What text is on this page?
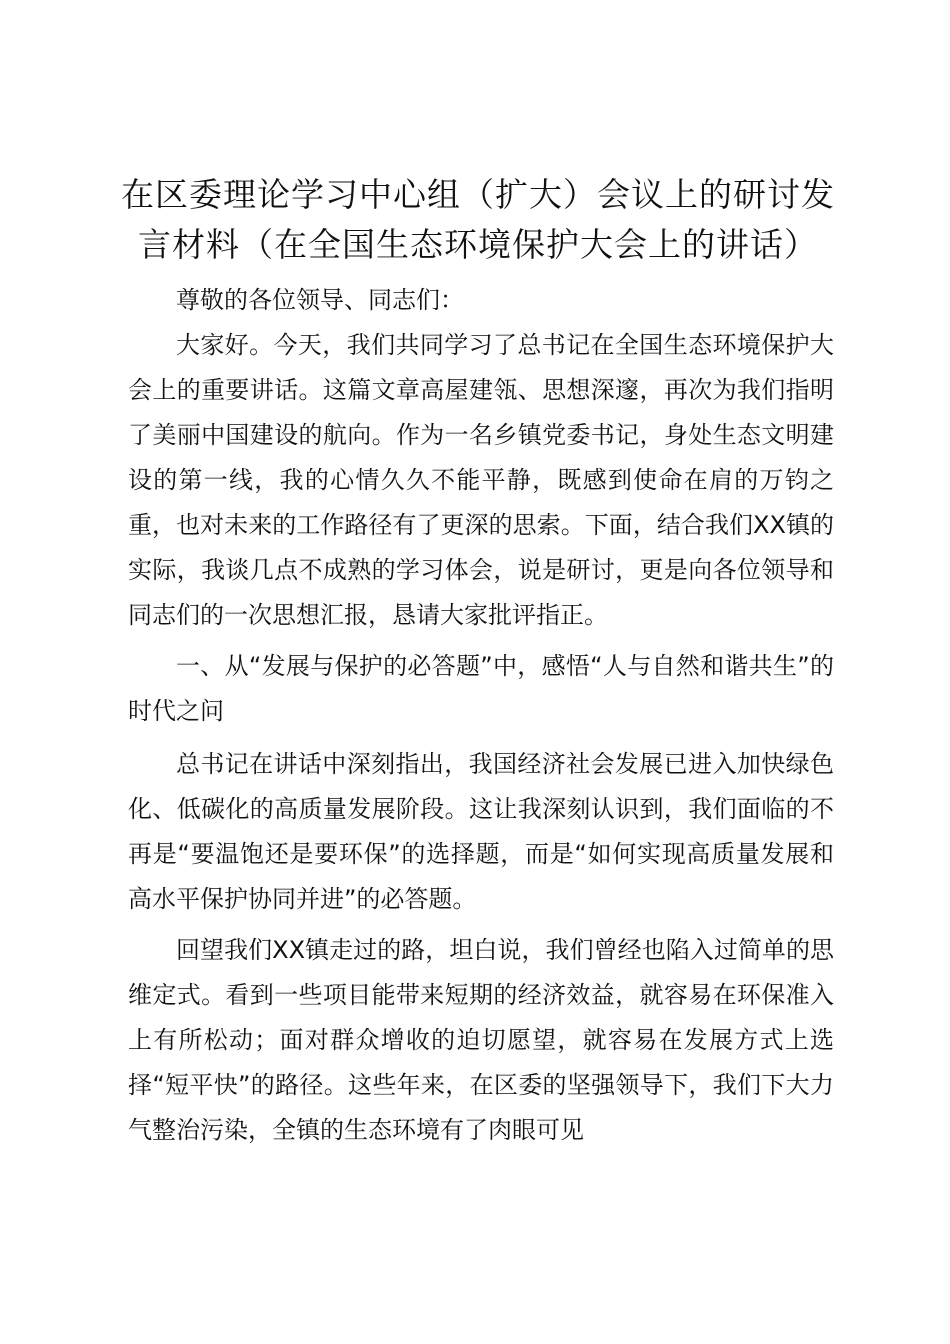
在区委理论学习中心组（扩大）会议上的研讨发
言材料（在全国生态环境保护大会上的讲话）

尊敬的各位领导、同志们：

大家好。今天，我们共同学习了总书记在全国生态环境保护大会上的重要讲话。这篇文章高屋建瓴、思想深邃，再次为我们指明了美丽中国建设的航向。作为一名乡镇党委书记，身处生态文明建设的第一线，我的心情久久不能平静，既感到使命在肩的万钧之重，也对未来的工作路径有了更深的思索。下面，结合我们XX镇的实际，我谈几点不成熟的学习体会，说是研讨，更是向各位领导和同志们的一次思想汇报，恳请大家批评指正。

一、从“发展与保护的必答题”中，感悟“人与自然和谐共生”的时代之问

总书记在讲话中深刻指出，我国经济社会发展已进入加快绿色化、低碳化的高质量发展阶段。这让我深刻认识到，我们面临的不再是“要温饱还是要环保”的选择题，而是“如何实现高质量发展和高水平保护协同并进”的必答题。

回望我们XX镇走过的路，坦白说，我们曾经也陷入过简单的思维定式。看到一些项目能带来短期的经济效益，就容易在环保准入上有所松动；面对群众增收的迫切愿望，就容易在发展方式上选择“短平快”的路径。这些年来，在区委的坚强领导下，我们下大力气整治污染，全镇的生态环境有了肉眼可见
